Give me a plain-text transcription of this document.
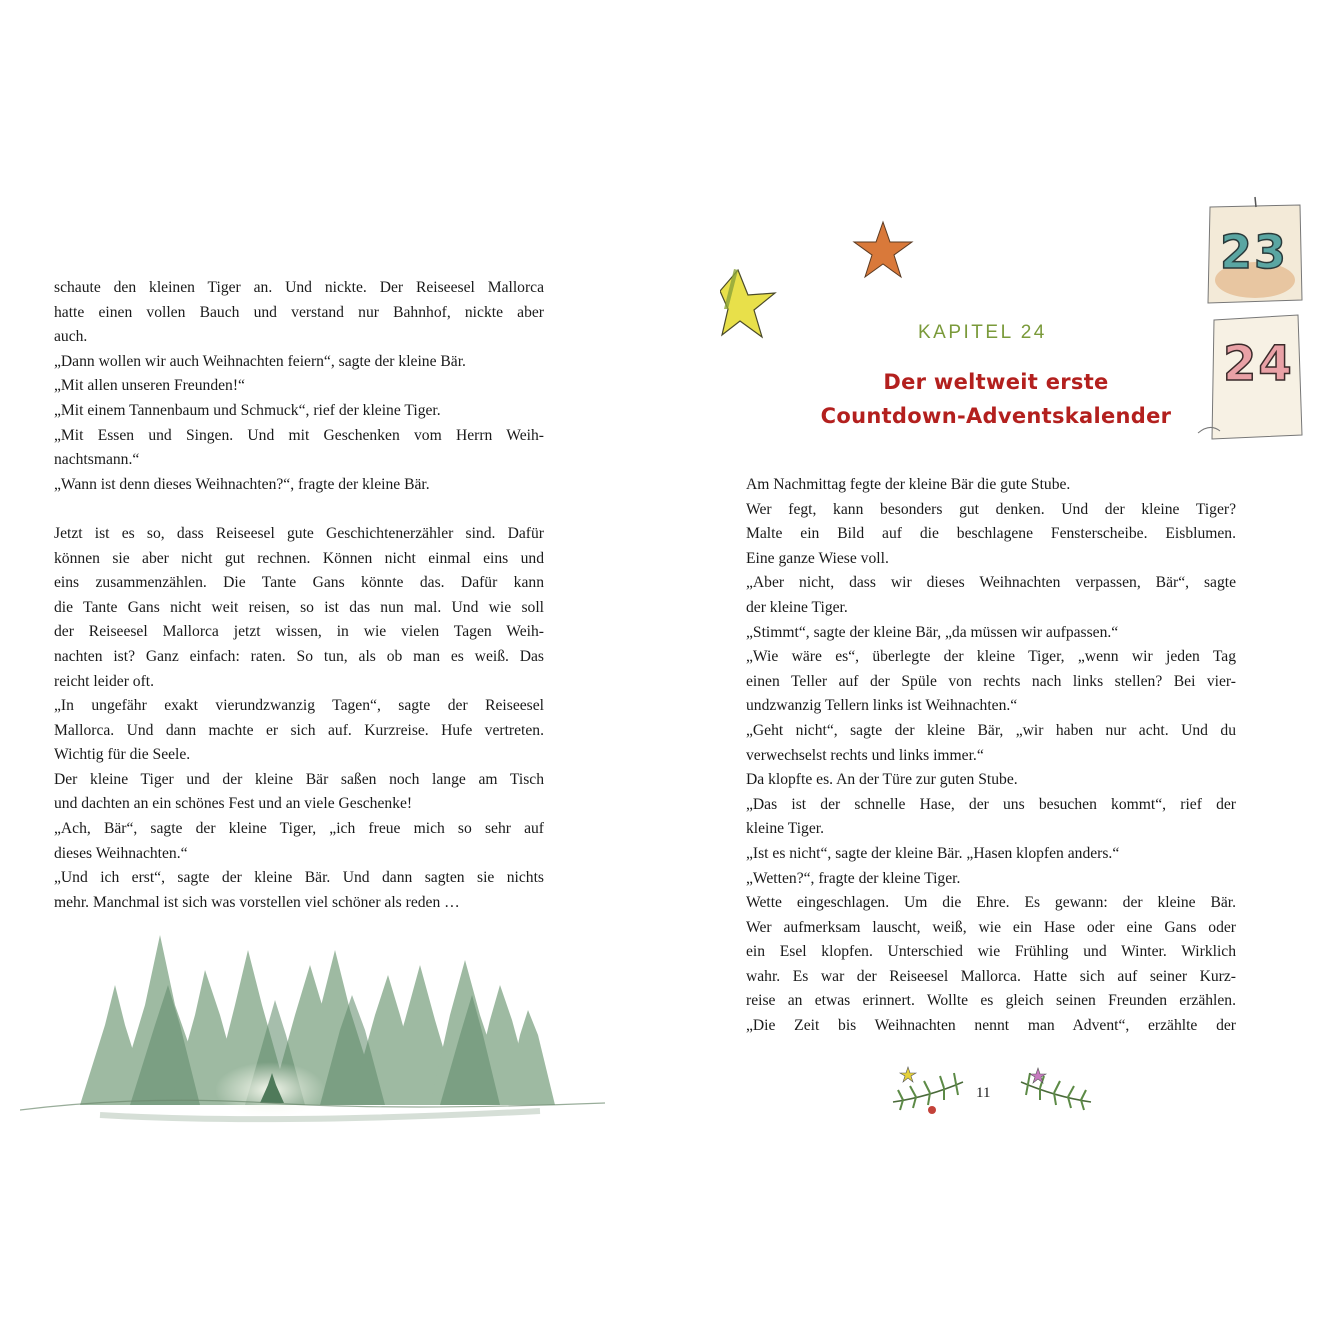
schaute den kleinen Tiger an. Und nickte. Der Reiseesel Mallorca
hatte einen vollen Bauch und verstand nur Bahnhof, nickte aber
auch.
„Dann wollen wir auch Weihnachten feiern“, sagte der kleine Bär.
„Mit allen unseren Freunden!“
„Mit einem Tannenbaum und Schmuck“, rief der kleine Tiger.
„Mit Essen und Singen. Und mit Geschenken vom Herrn Weih-
nachtsmann.“
„Wann ist denn dieses Weihnachten?“, fragte der kleine Bär.
Jetzt ist es so, dass Reiseesel gute Geschichtenerzähler sind. Dafür
können sie aber nicht gut rechnen. Können nicht einmal eins und
eins zusammenzählen. Die Tante Gans könnte das. Dafür kann
die Tante Gans nicht weit reisen, so ist das nun mal. Und wie soll
der Reiseesel Mallorca jetzt wissen, in wie vielen Tagen Weih-
nachten ist? Ganz einfach: raten. So tun, als ob man es weiß. Das
reicht leider oft.
„In ungefähr exakt vierundzwanzig Tagen“, sagte der Reiseesel
Mallorca. Und dann machte er sich auf. Kurzreise. Hufe vertreten.
Wichtig für die Seele.
Der kleine Tiger und der kleine Bär saßen noch lange am Tisch
und dachten an ein schönes Fest und an viele Geschenke!
„Ach, Bär“, sagte der kleine Tiger, „ich freue mich so sehr auf
dieses Weihnachten.“
„Und ich erst“, sagte der kleine Bär. Und dann sagten sie nichts
mehr. Manchmal ist sich was vorstellen viel schöner als reden …
23
24
KAPITEL 24
Der weltweit erste
Countdown-Adventskalender
Am Nachmittag fegte der kleine Bär die gute Stube.
Wer fegt, kann besonders gut denken. Und der kleine Tiger?
Malte ein Bild auf die beschlagene Fensterscheibe. Eisblumen.
Eine ganze Wiese voll.
„Aber nicht, dass wir dieses Weihnachten verpassen, Bär“, sagte
der kleine Tiger.
„Stimmt“, sagte der kleine Bär, „da müssen wir aufpassen.“
„Wie wäre es“, überlegte der kleine Tiger, „wenn wir jeden Tag
einen Teller auf der Spüle von rechts nach links stellen? Bei vier-
undzwanzig Tellern links ist Weihnachten.“
„Geht nicht“, sagte der kleine Bär, „wir haben nur acht. Und du
verwechselst rechts und links immer.“
Da klopfte es. An der Türe zur guten Stube.
„Das ist der schnelle Hase, der uns besuchen kommt“, rief der
kleine Tiger.
„Ist es nicht“, sagte der kleine Bär. „Hasen klopfen anders.“
„Wetten?“, fragte der kleine Tiger.
Wette eingeschlagen. Um die Ehre. Es gewann: der kleine Bär.
Wer aufmerksam lauscht, weiß, wie ein Hase oder eine Gans oder
ein Esel klopfen. Unterschied wie Frühling und Winter. Wirklich
wahr. Es war der Reiseesel Mallorca. Hatte sich auf seiner Kurz-
reise an etwas erinnert. Wollte es gleich seinen Freunden erzählen.
„Die Zeit bis Weihnachten nennt man Advent“, erzählte der
11
